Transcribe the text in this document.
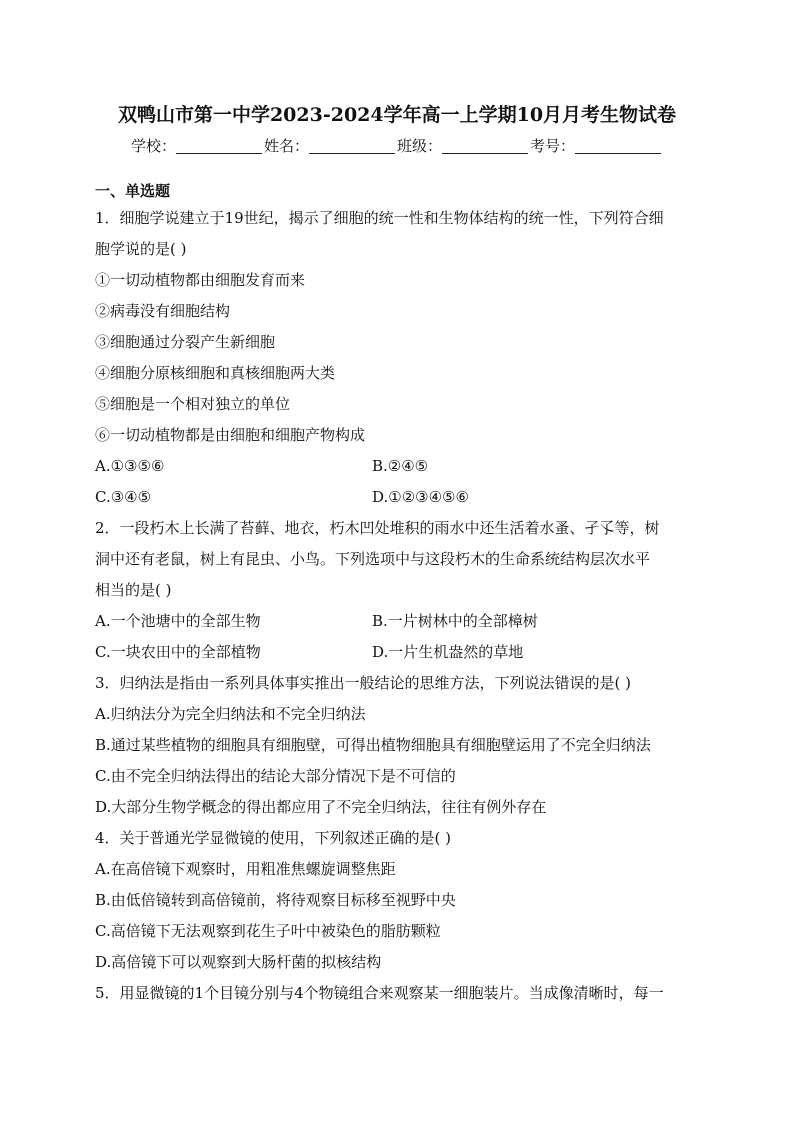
双鸭山市第一中学2023-2024学年高一上学期10月月考生物试卷
学校：	姓名：	班级：	考号：
一、单选题
1．细胞学说建立于19世纪，揭示了细胞的统一性和生物体结构的统一性，下列符合细
胞学说的是( )
①一切动植物都由细胞发育而来
②病毒没有细胞结构
③细胞通过分裂产生新细胞
④细胞分原核细胞和真核细胞两大类
⑤细胞是一个相对独立的单位
⑥一切动植物都是由细胞和细胞产物构成
A.①③⑤⑥	B.②④⑤
C.③④⑤	D.①②③④⑤⑥
2．一段朽木上长满了苔藓、地衣，朽木凹处堆积的雨水中还生活着水蚤、孑孓等，树
洞中还有老鼠，树上有昆虫、小鸟。下列选项中与这段朽木的生命系统结构层次水平
相当的是( )
A.一个池塘中的全部生物	B.一片树林中的全部樟树
C.一块农田中的全部植物	D.一片生机盎然的草地
3．归纳法是指由一系列具体事实推出一般结论的思维方法，下列说法错误的是( )
A.归纳法分为完全归纳法和不完全归纳法
B.通过某些植物的细胞具有细胞壁，可得出植物细胞具有细胞壁运用了不完全归纳法
C.由不完全归纳法得出的结论大部分情况下是不可信的
D.大部分生物学概念的得出都应用了不完全归纳法，往往有例外存在
4．关于普通光学显微镜的使用，下列叙述正确的是( )
A.在高倍镜下观察时，用粗准焦螺旋调整焦距
B.由低倍镜转到高倍镜前，将待观察目标移至视野中央
C.高倍镜下无法观察到花生子叶中被染色的脂肪颗粒
D.高倍镜下可以观察到大肠杆菌的拟核结构
5．用显微镜的1个目镜分别与4个物镜组合来观察某一细胞装片。当成像清晰时，每一
